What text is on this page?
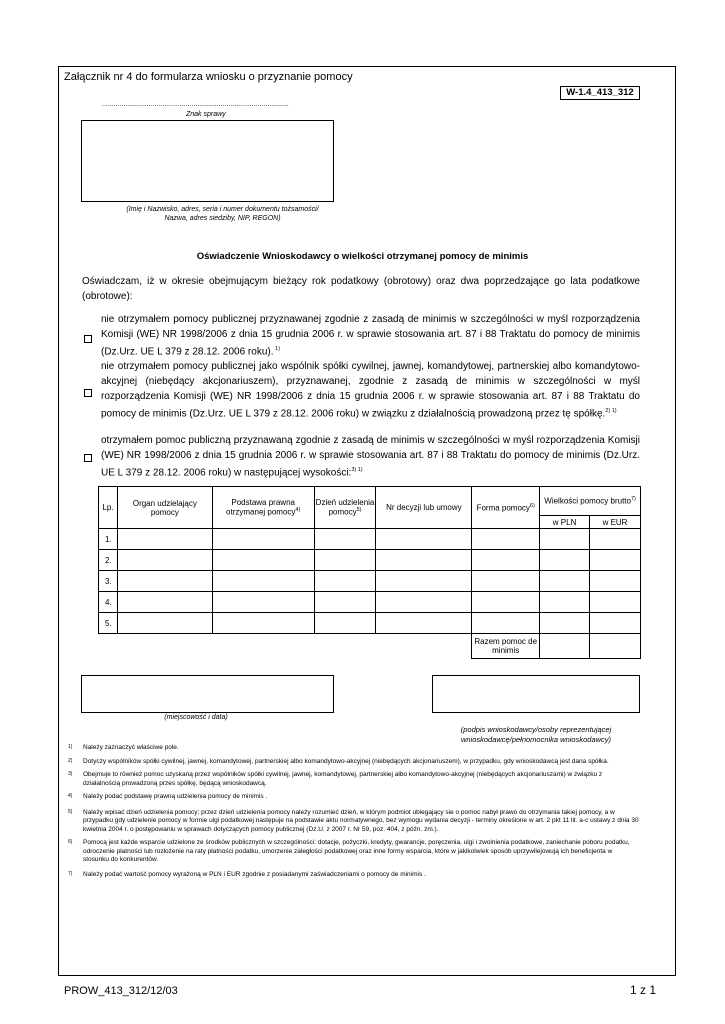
Załącznik nr 4 do formularza wniosku o przyznanie pomocy
W-1.4_413_312
................................................................................................
Znak sprawy
(Imię i Nazwisko, adres, seria i numer dokumentu tożsamości/
Nazwa, adres siedziby, NIP, REGON)
Oświadczenie Wnioskodawcy o wielkości otrzymanej pomocy de minimis
Oświadczam, iż w okresie obejmującym bieżący rok podatkowy (obrotowy) oraz dwa poprzedzające go lata podatkowe (obrotowe):
nie otrzymałem pomocy publicznej przyznawanej zgodnie z zasadą de minimis w szczególności w myśl rozporządzenia Komisji (WE) NR 1998/2006 z dnia 15 grudnia 2006 r. w sprawie stosowania art. 87 i 88 Traktatu do pomocy de minimis (Dz.Urz. UE L 379 z 28.12. 2006 roku). $^{1)}$
nie otrzymałem pomocy publicznej jako wspólnik spółki cywilnej, jawnej, komandytowej, partnerskiej albo komandytowo-akcyjnej (niebędący akcjonariuszem), przyznawanej, zgodnie z zasadą de minimis w szczególności w myśl rozporządzenia Komisji (WE) NR 1998/2006 z dnia 15 grudnia 2006 r. w sprawie stosowania art. 87 i 88 Traktatu do pomocy de minimis (Dz.Urz. UE L 379 z 28.12. 2006 roku) w związku z działalnością prowadzoną przez tę spółkę.$^{2) 1)}$
otrzymałem pomoc publiczną przyznawaną zgodnie z zasadą de minimis w szczególności w myśl rozporządzenia Komisji (WE) NR 1998/2006 z dnia 15 grudnia 2006 r. w sprawie stosowania art. 87 i 88 Traktatu do pomocy de minimis (Dz.Urz. UE L 379 z 28.12. 2006 roku) w następującej wysokości:$^{3) 1)}$
Lp.	Organ udzielający pomocy	Podstawa prawna otrzymanej pomocy$^{4)}$	Dzień udzielenia pomocy$^{5)}$	Nr decyzji lub umowy	Forma pomocy$^{6)}$	Wielkości pomocy brutto$^{7)}$
						w PLN	w EUR
1.							
2.							
3.							
4.							
5.							
					Razem pomoc de minimis		
(miejscowość i data)
(podpis wnioskodawcy/osoby reprezentującej
wnioskodawcę/pełnomocnika wnioskodawcy)
1)	Należy zaznaczyć właściwe pole.
2)	Dotyczy wspólników spółki cywilnej, jawnej, komandytowej, partnerskiej albo komandytowo-akcyjnej (niebędących akcjonariuszem), w przypadku, gdy wnioskodawcą jest dana spółka.
3)	Obejmuje to również pomoc uzyskaną przez wspólników spółki cywilnej, jawnej, komandytowej, partnerskiej albo komandytowo-akcyjnej (niebędących akcjonariuszami) w związku z działalnością prowadzoną przes spółkę, będącą wnioskodawcą.
4)	Należy podać podstawę prawną udzielenia pomocy de minimis .
5)	Należy wpisać dzień udzielenia pomocy; przez dzień udzielenia pomocy należy rozumieć dzień, w którym podmiot ubiegający sie o pomoc nabył prawo do otrzymania takiej pomocy, a w przypadku gdy udzielenie pomocy w formie ulgi podatkowej następuje na podstawie aktu normatywnego, bez wymogu wydania decyzji - terminy określone w art. 2 pkt 11 lit. a-c ustawy z dnia 30 kwietnia 2004 r. o postępowaniu w sprawach dotyczących pomocy publicznej (Dz.U. z 2007 r. Nr 59, poz. 404, z późn. zm.).
6)	Pomocą jest każde wsparcie udzielone ze środków publicznych w szczególności: dotacje, pożyczki, kredyty, gwarancje, poręczenia, ulgi i zwolnienia podatkowe, zaniechanie poboru podatku, odroczenie płatności lub rozłożenie na raty płatności podatku, umorzenie zaległości podatkowej oraz inne formy wsparcia, które w jakikolwiek sposób uprzywilejowują ich beneficjenta w stosunku do konkurentów.
7)	Należy podać wartość pomocy wyrażoną w PLN i EUR zgodnie z posiadanymi zaświadczeniami o pomocy de minimis .
PROW_413_312/12/03	1 z 1
